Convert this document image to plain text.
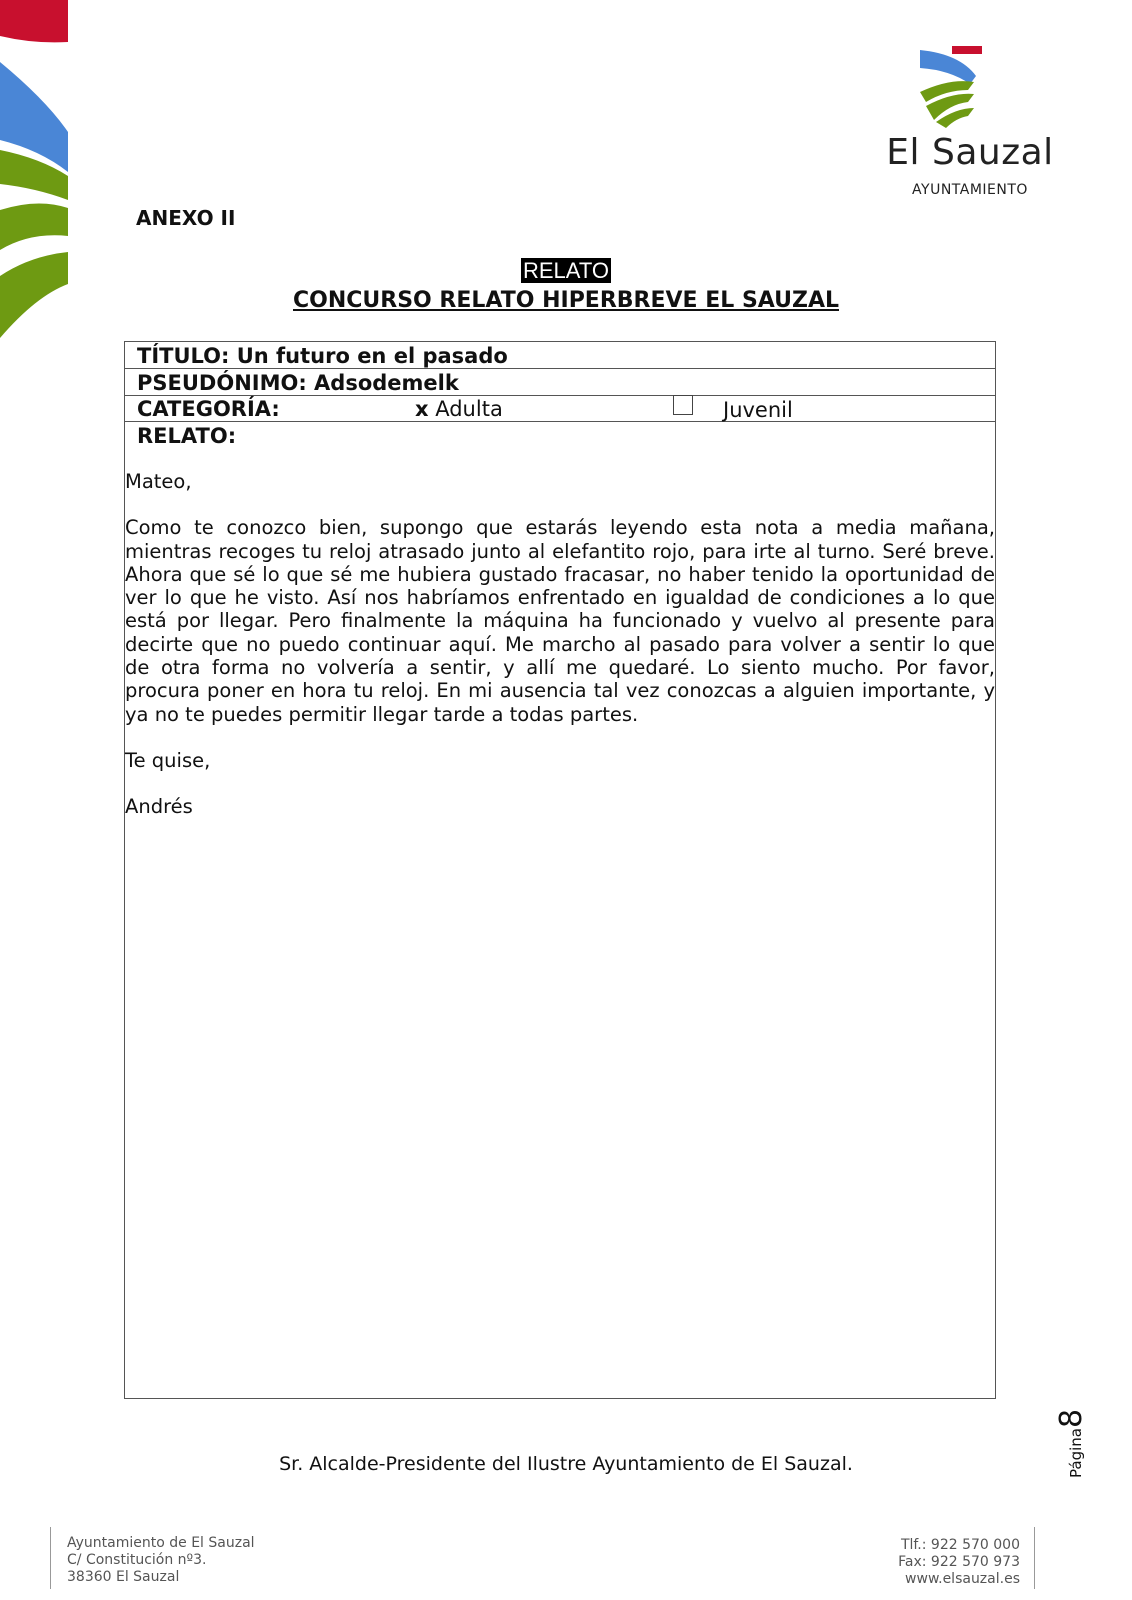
El Sauzal
AYUNTAMIENTO
ANEXO II
RELATO
CONCURSO RELATO HIPERBREVE EL SAUZAL
TÍTULO: Un futuro en el pasado
PSEUDÓNIMO: Adsodemelk
CATEGORÍA:	x Adulta	Juvenil
RELATO:

Mateo,

Como te conozco bien, supongo que estarás leyendo esta nota a media mañana, mientras recoges tu reloj atrasado junto al elefantito rojo, para irte al turno. Seré breve. Ahora que sé lo que sé me hubiera gustado fracasar, no haber tenido la oportunidad de ver lo que he visto. Así nos habríamos enfrentado en igualdad de condiciones a lo que está por llegar. Pero finalmente la máquina ha funcionado y vuelvo al presente para decirte que no puedo continuar aquí. Me marcho al pasado para volver a sentir lo que de otra forma no volvería a sentir, y allí me quedaré. Lo siento mucho. Por favor, procura poner en hora tu reloj. En mi ausencia tal vez conozcas a alguien importante, y ya no te puedes permitir llegar tarde a todas partes.

Te quise,

Andrés

Sr. Alcalde-Presidente del Ilustre Ayuntamiento de El Sauzal.	Página8
Ayuntamiento de El Sauzal
C/ Constitución nº3.
38360 El Sauzal
Tlf.: 922 570 000
Fax: 922 570 973
www.elsauzal.es
